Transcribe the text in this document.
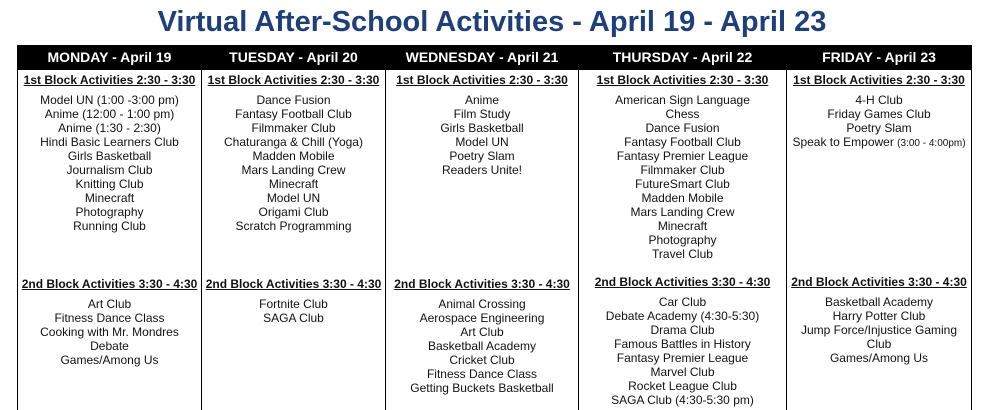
Virtual After-School Activities - April 19 - April 23
MONDAY - April 19
1st Block Activities 2:30 - 3:30
Model UN (1:00 -3:00 pm)
Anime (12:00 - 1:00 pm)
Anime (1:30 - 2:30)
Hindi Basic Learners Club
Girls Basketball
Journalism Club
Knitting Club
Minecraft
Photography
Running Club
2nd Block Activities 3:30 - 4:30
Art Club
Fitness Dance Class
Cooking with Mr. Mondres
Debate
Games/Among Us
TUESDAY - April 20
1st Block Activities 2:30 - 3:30
Dance Fusion
Fantasy Football Club
Filmmaker Club
Chaturanga & Chill (Yoga)
Madden Mobile
Mars Landing Crew
Minecraft
Model UN
Origami Club
Scratch Programming
2nd Block Activities 3:30 - 4:30
Fortnite Club
SAGA Club
WEDNESDAY - April 21
1st Block Activities 2:30 - 3:30
Anime
Film Study
Girls Basketball
Model UN
Poetry Slam
Readers Unite!
2nd Block Activities 3:30 - 4:30
Animal Crossing
Aerospace Engineering
Art Club
Basketball Academy
Cricket Club
Fitness Dance Class
Getting Buckets Basketball
THURSDAY - April 22
1st Block Activities 2:30 - 3:30
American Sign Language
Chess
Dance Fusion
Fantasy Football Club
Fantasy Premier League
Filmmaker Club
FutureSmart Club
Madden Mobile
Mars Landing Crew
Minecraft
Photography
Travel Club
2nd Block Activities 3:30 - 4:30
Car Club
Debate Academy (4:30-5:30)
Drama Club
Famous Battles in History
Fantasy Premier League
Marvel Club
Rocket League Club
SAGA Club (4:30-5:30 pm)
FRIDAY - April 23
1st Block Activities 2:30 - 3:30
4-H Club
Friday Games Club
Poetry Slam
Speak to Empower (3:00 - 4:00pm)
2nd Block Activities 3:30 - 4:30
Basketball Academy
Harry Potter Club
Jump Force/Injustice Gaming
Club
Games/Among Us
